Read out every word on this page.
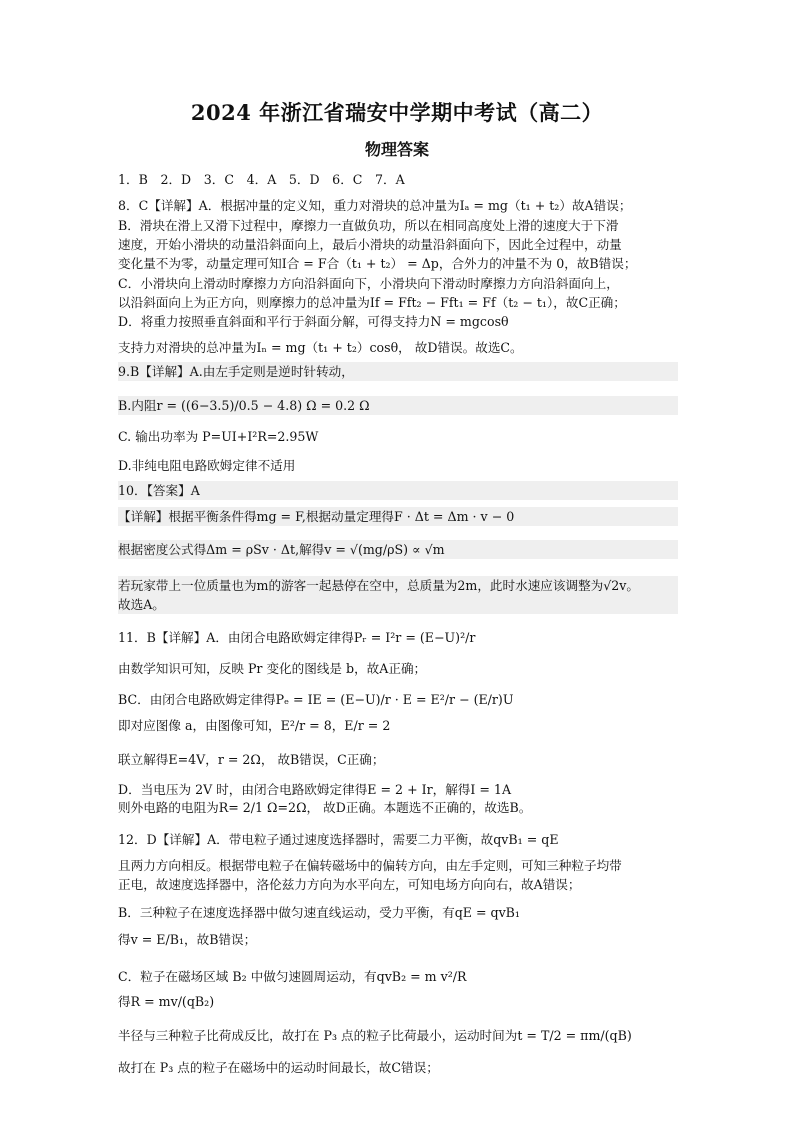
2024 年浙江省瑞安中学期中考试（高二）
物理答案
1．B　2．D　3．C　4．A　5．D　6．C　7．A
8．C【详解】A．根据冲量的定义知，重力对滑块的总冲量为Iₐ = mg（t₁ + t₂）故A错误；
B．滑块在滑上又滑下过程中，摩擦力一直做负功，所以在相同高度处上滑的速度大于下滑
速度，开始小滑块的动量沿斜面向上，最后小滑块的动量沿斜面向下，因此全过程中，动量
变化量不为零，动量定理可知I合 = F合（t₁ + t₂） = Δp，合外力的冲量不为 0，故B错误；
C．小滑块向上滑动时摩擦力方向沿斜面向下，小滑块向下滑动时摩擦力方向沿斜面向上，
以沿斜面向上为正方向，则摩擦力的总冲量为If = Fft₂ − Fft₁ = Ff（t₂ − t₁），故C正确；
D．将重力按照垂直斜面和平行于斜面分解，可得支持力N = mgcosθ
支持力对滑块的总冲量为Iₙ = mg（t₁ + t₂）cosθ， 故D错误。故选C。
9.B【详解】A.由左手定则是逆时针转动，
B.内阻r = ((6−3.5)/0.5 − 4.8) Ω = 0.2 Ω
C. 输出功率为 P=UI+I²R=2.95W
D.非纯电阻电路欧姆定律不适用
10．【答案】A
【详解】根据平衡条件得mg = F,根据动量定理得F · Δt = Δm · v − 0
根据密度公式得Δm = ρSv · Δt,解得v = √(mg/ρS) ∝ √m
若玩家带上一位质量也为m的游客一起悬停在空中，总质量为2m，此时水速应该调整为√2v。
故选A。
11．B【详解】A．由闭合电路欧姆定律得Pᵣ = I²r = (E−U)²/r
由数学知识可知，反映 Pr 变化的图线是 b，故A正确；
BC．由闭合电路欧姆定律得Pₑ = IE = (E−U)/r · E = E²/r − (E/r)U
即对应图像 a，由图像可知，E²/r = 8，E/r = 2
联立解得E=4V，r = 2Ω， 故B错误，C正确；
D．当电压为 2V 时，由闭合电路欧姆定律得E = 2 + Ir，解得I = 1A
则外电路的电阻为R= 2/1 Ω=2Ω， 故D正确。本题选不正确的，故选B。
12．D【详解】A．带电粒子通过速度选择器时，需要二力平衡，故qvB₁ = qE
且两力方向相反。根据带电粒子在偏转磁场中的偏转方向，由左手定则，可知三种粒子均带
正电，故速度选择器中，洛伦兹力方向为水平向左，可知电场方向向右，故A错误；
B．三种粒子在速度选择器中做匀速直线运动，受力平衡，有qE = qvB₁
得v = E/B₁，故B错误；
C．粒子在磁场区域 B₂ 中做匀速圆周运动，有qvB₂ = m v²/R
得R = mv/(qB₂)
半径与三种粒子比荷成反比，故打在 P₃ 点的粒子比荷最小，运动时间为t = T/2 = πm/(qB)
故打在 P₃ 点的粒子在磁场中的运动时间最长，故C错误；
